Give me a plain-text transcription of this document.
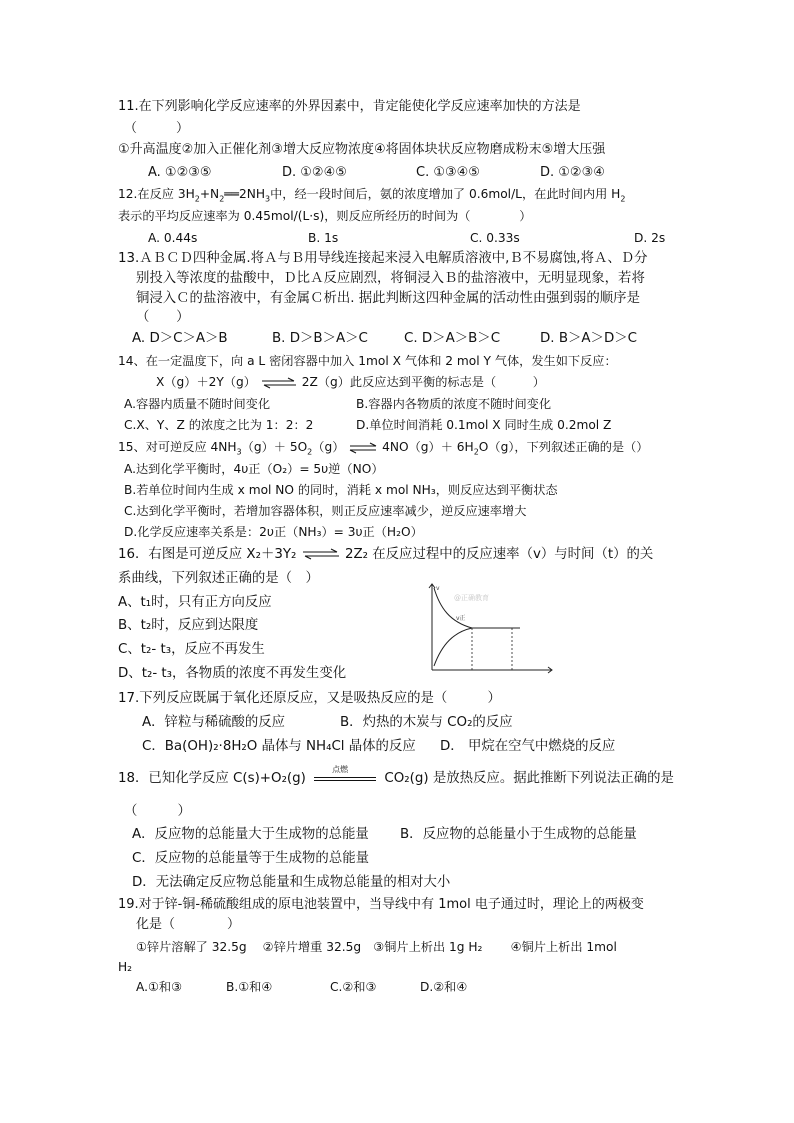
11.在下列影响化学反应速率的外界因素中，肯定能使化学反应速率加快的方法是
（　　　）
①升高温度②加入正催化剂③增大反应物浓度④将固体块状反应物磨成粉末⑤增大压强
A. ①②③⑤	D. ①②④⑤	C. ①③④⑤	D. ①②③④
12.在反应 $3H_2+N_2══2NH_3$中，经一段时间后，氨的浓度增加了 0.6mol/L，在此时间内用 $H_2$
表示的平均反应速率为 0.45mol/(L·s)，则反应所经历的时间为（　　　　）
A. 0.44s	B. 1s	C. 0.33s	D. 2s
13.ＡＢＣＤ四种金属.将Ａ与Ｂ用导线连接起来浸入电解质溶液中,Ｂ不易腐蚀,将Ａ、Ｄ分
别投入等浓度的盐酸中，Ｄ比Ａ反应剧烈，将铜浸入Ｂ的盐溶液中，无明显现象，若将
铜浸入Ｃ的盐溶液中，有金属Ｃ析出. 据此判断这四种金属的活动性由强到弱的顺序是
（　　）
A. D＞C＞A＞B	B. D＞B＞A＞C	C. D＞A＞B＞C	D. B＞A＞D＞C
14、在一定温度下，向 a L 密闭容器中加入 1mol X 气体和 2 mol Y 气体，发生如下反应：
X（g）＋2Y（g） ⇌ 2Z（g）此反应达到平衡的标志是（　　　）
A.容器内质量不随时间变化	B.容器内各物质的浓度不随时间变化
C.X、Y、Z 的浓度之比为 1：2：2	D.单位时间消耗 0.1mol X 同时生成 0.2mol Z
15、对可逆反应 $4NH_3(g)+ 5O_2(g)$ ⇌ $4NO(g)+ 6H_2O(g)$，下列叙述正确的是（）
A.达到化学平衡时，4υ正（O₂）= 5υ逆（NO）
B.若单位时间内生成 x mol NO 的同时，消耗 x mol NH₃，则反应达到平衡状态
C.达到化学平衡时，若增加容器体积，则正反应速率减少，逆反应速率增大
D.化学反应速率关系是：2υ正（NH₃）= 3υ正（H₂O）
16．右图是可逆反应 X₂＋3Y₂ ⇌ 2Z₂ 在反应过程中的反应速率（v）与时间（t）的关
系曲线，下列叙述正确的是（　）
A、t₁时，只有正方向反应
B、t₂时，反应到达限度
C、t₂- t₃，反应不再发生
D、t₂- t₃，各物质的浓度不再发生变化
v
v正
@正确教育
17.下列反应既属于氧化还原反应，又是吸热反应的是（　　　）
A．锌粒与稀硫酸的反应	B．灼热的木炭与 CO₂的反应
C．Ba(OH)₂·8H₂O 晶体与 NH₄Cl 晶体的反应 D． 甲烷在空气中燃烧的反应
18．已知化学反应 C(s)+O₂(g)
点燃
CO₂(g) 是放热反应。据此推断下列说法正确的是
（　　　）
A．反应物的总能量大于生成物的总能量 B．反应物的总能量小于生成物的总能量
C．反应物的总能量等于生成物的总能量
D．无法确定反应物总能量和生成物总能量的相对大小
19.对于锌-铜-稀硫酸组成的原电池装置中，当导线中有 1mol 电子通过时，理论上的两极变
化是（　　　　）
①锌片溶解了 32.5g　 ②锌片增重 32.5g　③铜片上析出 1g H₂　　 ④铜片上析出 1mol
H₂
A.①和③	B.①和④	C.②和③	D.②和④
